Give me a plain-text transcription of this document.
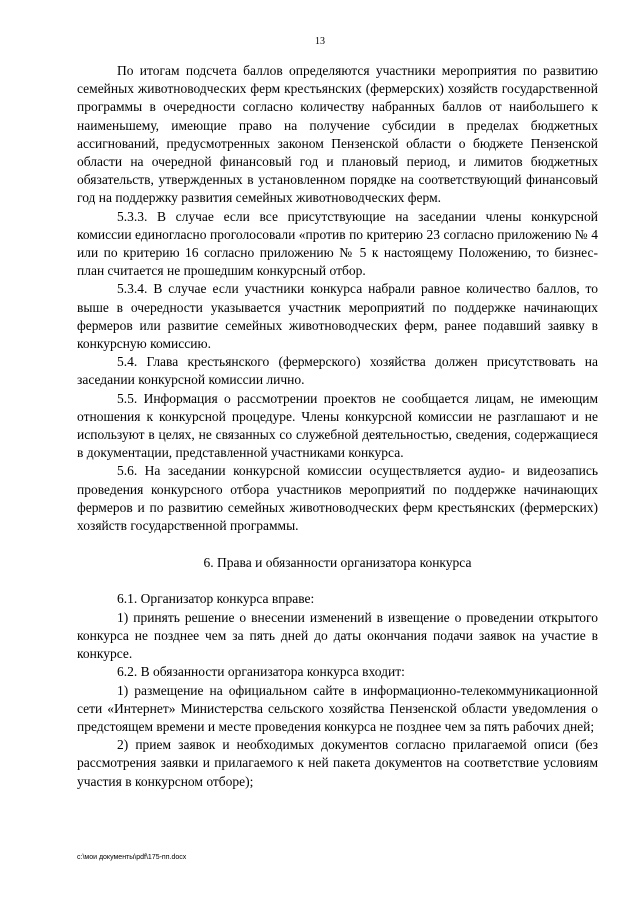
13

По итогам подсчета баллов определяются участники мероприятия по развитию семейных животноводческих ферм крестьянских (фермерских) хозяйств государственной программы в очередности согласно количеству набранных баллов от наибольшего к наименьшему, имеющие право на получение субсидии в пределах бюджетных ассигнований, предусмотренных законом Пензенской области о бюджете Пензенской области на очередной финансовый год и плановый период, и лимитов бюджетных обязательств, утвержденных в установленном порядке на соответствующий финансовый год на поддержку развития семейных животноводческих ферм.

5.3.3. В случае если все присутствующие на заседании члены конкурсной комиссии единогласно проголосовали «против по критерию 23 согласно приложению № 4 или по критерию 16 согласно приложению № 5 к настоящему Положению, то бизнес-план считается не прошедшим конкурсный отбор.

5.3.4. В случае если участники конкурса набрали равное количество баллов, то выше в очередности указывается участник мероприятий по поддержке начинающих фермеров или развитие семейных животноводческих ферм, ранее подавший заявку в конкурсную комиссию.

5.4. Глава крестьянского (фермерского) хозяйства должен присутствовать на заседании конкурсной комиссии лично.

5.5. Информация о рассмотрении проектов не сообщается лицам, не имеющим отношения к конкурсной процедуре. Члены конкурсной комиссии не разглашают и не используют в целях, не связанных со служебной деятельностью, сведения, содержащиеся в документации, представленной участниками конкурса.

5.6. На заседании конкурсной комиссии осуществляется аудио- и видеозапись проведения конкурсного отбора участников мероприятий по поддержке начинающих фермеров и по развитию семейных животноводческих ферм крестьянских (фермерских) хозяйств государственной программы.

6. Права и обязанности организатора конкурса

6.1. Организатор конкурса вправе:

1) принять решение о внесении изменений в извещение о проведении открытого конкурса не позднее чем за пять дней до даты окончания подачи заявок на участие в конкурсе.

6.2. В обязанности организатора конкурса входит:

1) размещение на официальном сайте в информационно-телекоммуникационной сети «Интернет» Министерства сельского хозяйства Пензенской области уведомления о предстоящем времени и месте проведения конкурса не позднее чем за пять рабочих дней;

2) прием заявок и необходимых документов согласно прилагаемой описи (без рассмотрения заявки и прилагаемого к ней пакета документов на соответствие условиям участия в конкурсном отборе);

c:\мои документы\pdf\175-пп.docx
